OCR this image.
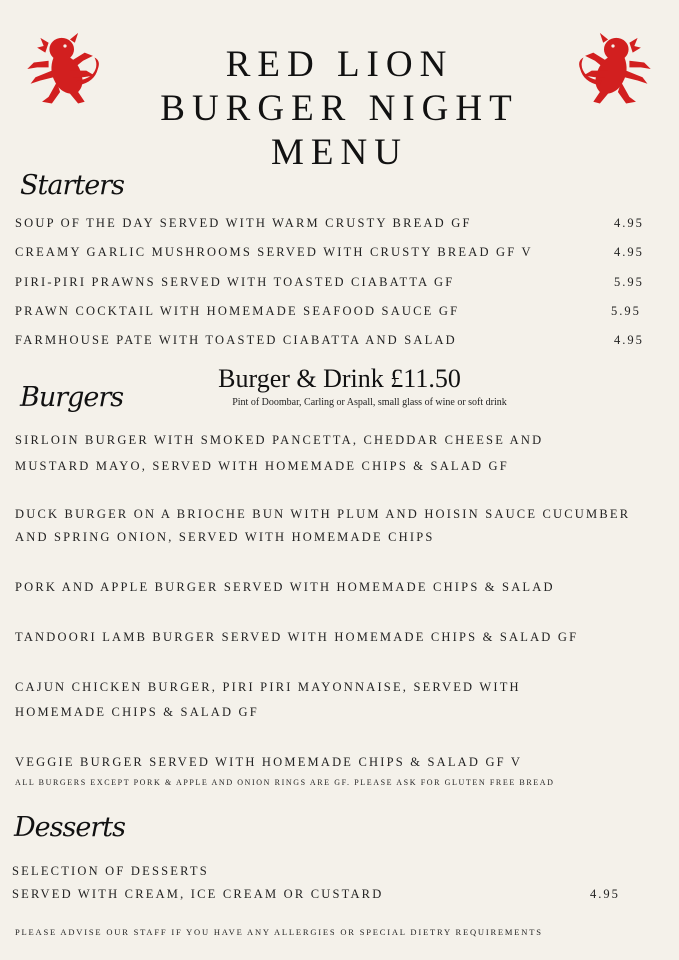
RED LION
BURGER NIGHT
MENU
Starters
SOUP OF THE DAY SERVED WITH WARM CRUSTY BREAD GF	4.95
CREAMY GARLIC MUSHROOMS SERVED WITH CRUSTY BREAD GF V	4.95
PIRI-PIRI PRAWNS SERVED WITH TOASTED CIABATTA GF	5.95
PRAWN COCKTAIL WITH HOMEMADE SEAFOOD SAUCE GF	5.95
FARMHOUSE PATE WITH TOASTED CIABATTA AND SALAD	4.95
Burgers
Burger & Drink £11.50
Pint of Doombar, Carling or Aspall, small glass of wine or soft drink
SIRLOIN BURGER WITH SMOKED PANCETTA, CHEDDAR CHEESE AND
MUSTARD MAYO, SERVED WITH HOMEMADE CHIPS & SALAD GF
DUCK BURGER ON A BRIOCHE BUN WITH PLUM AND HOISIN SAUCE CUCUMBER
AND SPRING ONION, SERVED WITH HOMEMADE CHIPS
PORK AND APPLE BURGER SERVED WITH HOMEMADE CHIPS & SALAD
TANDOORI LAMB BURGER SERVED WITH HOMEMADE CHIPS & SALAD GF
CAJUN CHICKEN BURGER, PIRI PIRI MAYONNAISE, SERVED WITH
HOMEMADE CHIPS & SALAD GF
VEGGIE BURGER SERVED WITH HOMEMADE CHIPS & SALAD GF V
ALL BURGERS EXCEPT PORK & APPLE AND ONION RINGS ARE GF. PLEASE ASK FOR GLUTEN FREE BREAD
Desserts
SELECTION OF DESSERTS
SERVED WITH CREAM, ICE CREAM OR CUSTARD	4.95
PLEASE ADVISE OUR STAFF IF YOU HAVE ANY ALLERGIES OR SPECIAL DIETRY REQUIREMENTS
